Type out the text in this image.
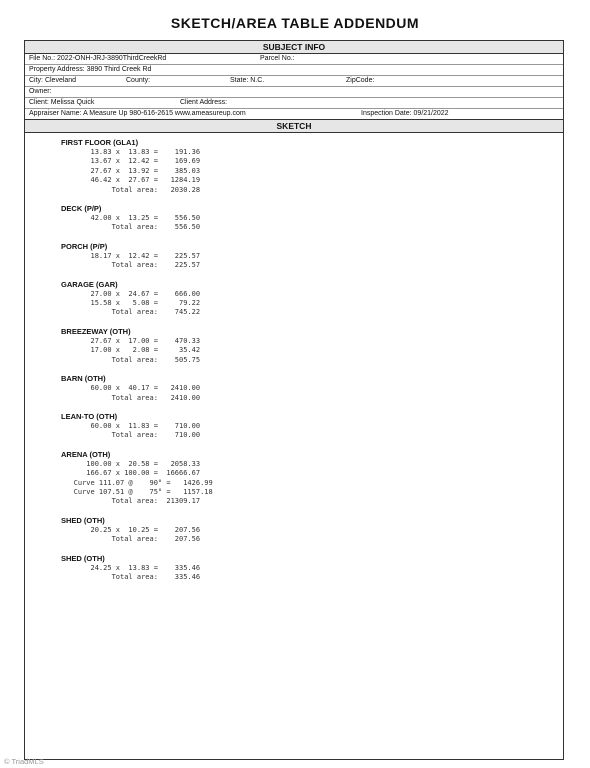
SKETCH/AREA TABLE ADDENDUM
SUBJECT INFO
File No.: 2022-ONH-JRJ-3890ThirdCreekRd	Parcel No.:
Property Address: 3890 Third Creek Rd
City: Cleveland	County:	State: N.C.	ZipCode:
Owner:
Client: Melissa Quick	Client Address:
Appraiser Name: A Measure Up 980-616-2615 www.ameasureup.com	Inspection Date: 09/21/2022
SKETCH
FIRST FLOOR (GLA1)
13.83 x  13.83 =    191.36
13.67 x  12.42 =    169.69
27.67 x  13.92 =    385.03
46.42 x  27.67 =   1284.19
Total area:   2030.28
DECK (P/P)
42.00 x  13.25 =    556.50
Total area:    556.50
PORCH (P/P)
18.17 x  12.42 =    225.57
Total area:    225.57
GARAGE (GAR)
27.00 x  24.67 =    666.00
15.58 x   5.08 =     79.22
Total area:    745.22
BREEZEWAY (OTH)
27.67 x  17.00 =    470.33
17.00 x   2.08 =     35.42
Total area:    505.75
BARN (OTH)
60.00 x  40.17 =   2410.00
Total area:   2410.00
LEAN-TO (OTH)
60.00 x  11.83 =    710.00
Total area:    710.00
ARENA (OTH)
100.00 x  20.58 =   2058.33
166.67 x 100.00 =  16666.67
Curve 111.07 @    90° =   1426.99
Curve 107.51 @    75° =   1157.18
Total area:  21309.17
SHED (OTH)
20.25 x  10.25 =    207.56
Total area:    207.56
SHED (OTH)
24.25 x  13.83 =    335.46
Total area:    335.46
© TriadMLS
